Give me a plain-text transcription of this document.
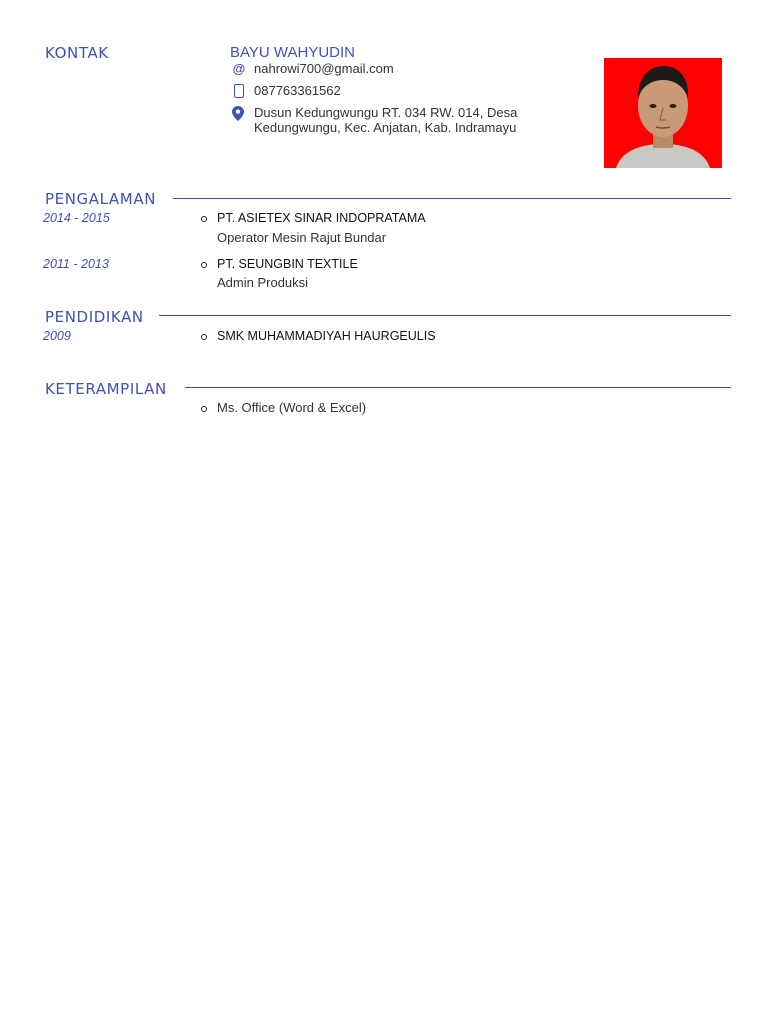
KONTAK	BAYU WAHYUDIN
@ nahrowi700@gmail.com
087763361562
Dusun Kedungwungu RT. 034 RW. 014, Desa
Kedungwungu, Kec. Anjatan, Kab. Indramayu
PENGALAMAN
2014 - 2015	PT. ASIETEX SINAR INDOPRATAMA
Operator Mesin Rajut Bundar
2011 - 2013	PT. SEUNGBIN TEXTILE
Admin Produksi
PENDIDIKAN
2009	SMK MUHAMMADIYAH HAURGEULIS
KETERAMPILAN
Ms. Office (Word & Excel)
